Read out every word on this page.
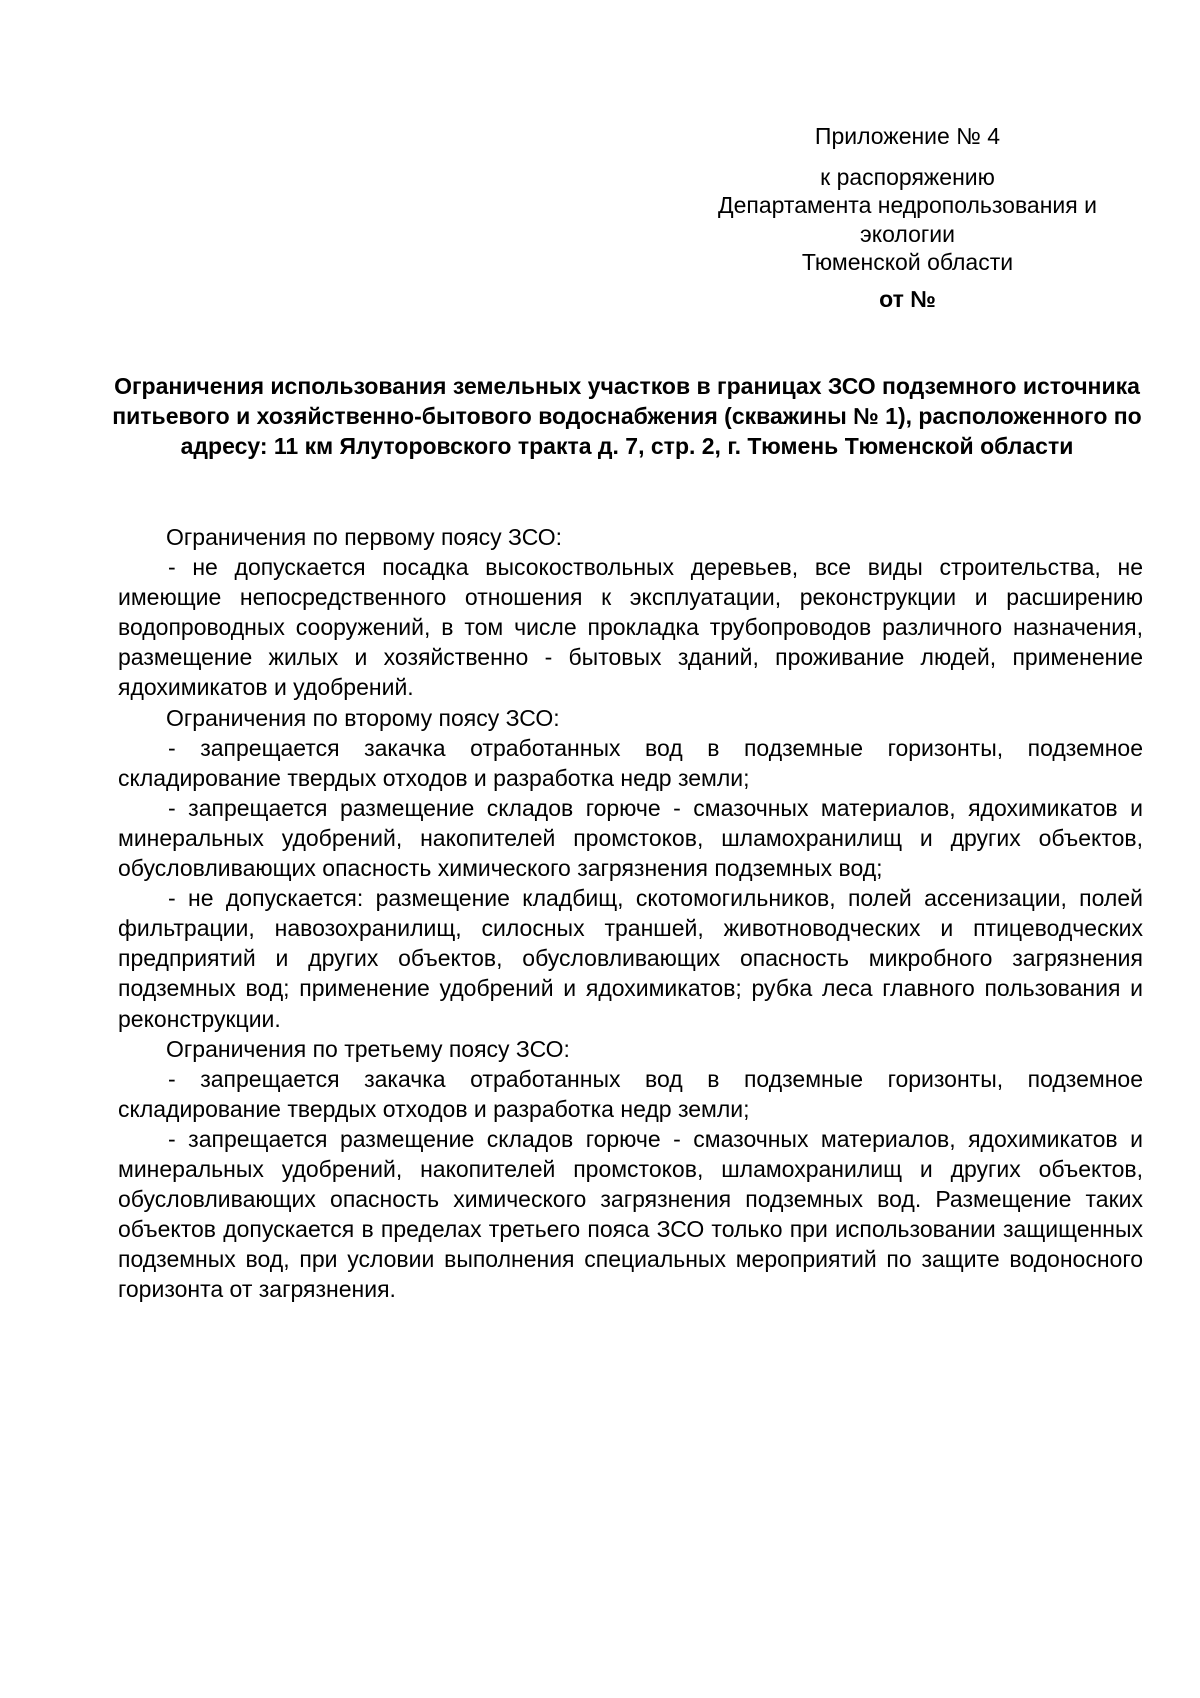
Приложение № 4
к распоряжению
Департамента недропользования и экологии
Тюменской области
от №
Ограничения использования земельных участков в границах ЗСО подземного источника питьевого и хозяйственно-бытового водоснабжения (скважины № 1), расположенного по адресу: 11 км Ялуторовского тракта д. 7, стр. 2, г. Тюмень Тюменской области

Ограничения по первому поясу ЗСО:

- не допускается посадка высокоствольных деревьев, все виды строительства, не имеющие непосредственного отношения к эксплуатации, реконструкции и расширению водопроводных сооружений, в том числе прокладка трубопроводов различного назначения, размещение жилых и хозяйственно - бытовых зданий, проживание людей, применение ядохимикатов и удобрений.

Ограничения по второму поясу ЗСО:

- запрещается закачка отработанных вод в подземные горизонты, подземное складирование твердых отходов и разработка недр земли;

- запрещается размещение складов горюче - смазочных материалов, ядохимикатов и минеральных удобрений, накопителей промстоков, шламохранилищ и других объектов, обусловливающих опасность химического загрязнения подземных вод;

- не допускается: размещение кладбищ, скотомогильников, полей ассенизации, полей фильтрации, навозохранилищ, силосных траншей, животноводческих и птицеводческих предприятий и других объектов, обусловливающих опасность микробного загрязнения подземных вод; применение удобрений и ядохимикатов; рубка леса главного пользования и реконструкции.

Ограничения по третьему поясу ЗСО:

- запрещается закачка отработанных вод в подземные горизонты, подземное складирование твердых отходов и разработка недр земли;

- запрещается размещение складов горюче - смазочных материалов, ядохимикатов и минеральных удобрений, накопителей промстоков, шламохранилищ и других объектов, обусловливающих опасность химического загрязнения подземных вод. Размещение таких объектов допускается в пределах третьего пояса ЗСО только при использовании защищенных подземных вод, при условии выполнения специальных мероприятий по защите водоносного горизонта от загрязнения.
